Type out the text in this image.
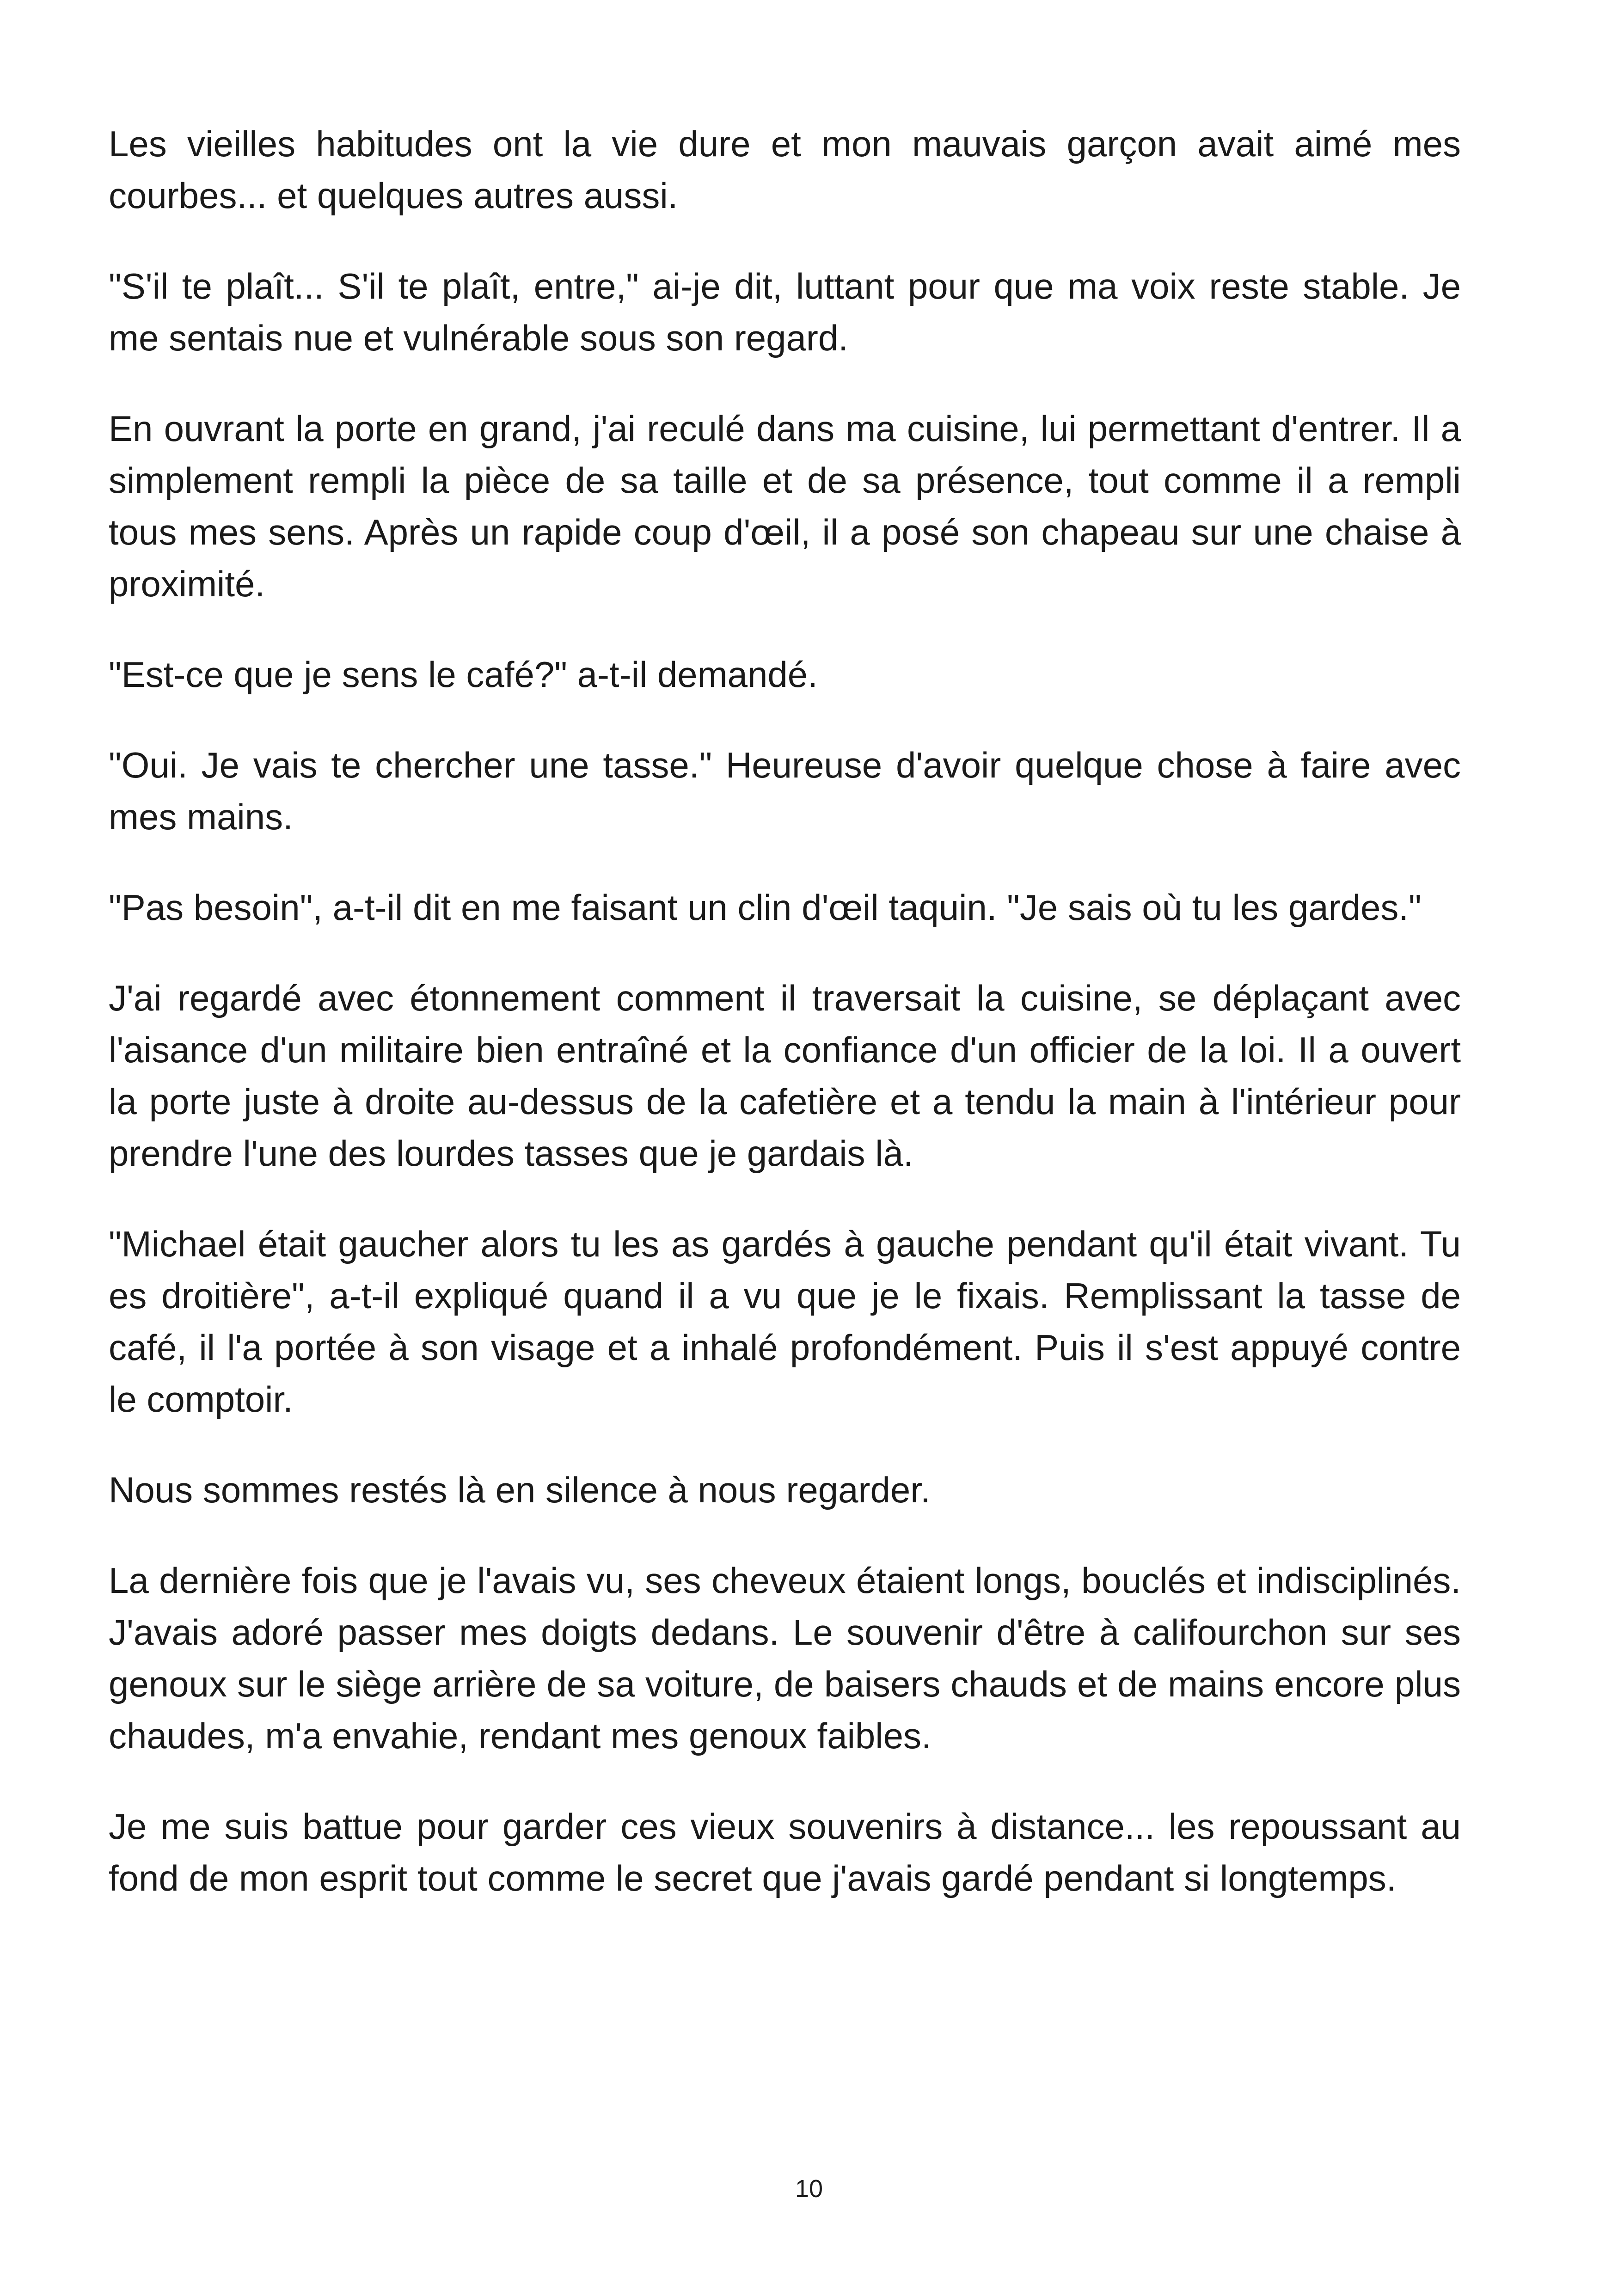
Les vieilles habitudes ont la vie dure et mon mauvais garçon avait aimé mes courbes... et quelques autres aussi.

"S'il te plaît... S'il te plaît, entre," ai-je dit, luttant pour que ma voix reste stable. Je me sentais nue et vulnérable sous son regard.

En ouvrant la porte en grand, j'ai reculé dans ma cuisine, lui permettant d'entrer. Il a simplement rempli la pièce de sa taille et de sa présence, tout comme il a rempli tous mes sens. Après un rapide coup d'œil, il a posé son chapeau sur une chaise à proximité.

"Est-ce que je sens le café?" a-t-il demandé.

"Oui. Je vais te chercher une tasse." Heureuse d'avoir quelque chose à faire avec mes mains.

"Pas besoin", a-t-il dit en me faisant un clin d'œil taquin. "Je sais où tu les gardes."

J'ai regardé avec étonnement comment il traversait la cuisine, se déplaçant avec l'aisance d'un militaire bien entraîné et la confiance d'un officier de la loi. Il a ouvert la porte juste à droite au-dessus de la cafetière et a tendu la main à l'intérieur pour prendre l'une des lourdes tasses que je gardais là.

"Michael était gaucher alors tu les as gardés à gauche pendant qu'il était vivant. Tu es droitière", a-t-il expliqué quand il a vu que je le fixais. Remplissant la tasse de café, il l'a portée à son visage et a inhalé profondément. Puis il s'est appuyé contre le comptoir.

Nous sommes restés là en silence à nous regarder.

La dernière fois que je l'avais vu, ses cheveux étaient longs, bouclés et indisciplinés. J'avais adoré passer mes doigts dedans. Le souvenir d'être à califourchon sur ses genoux sur le siège arrière de sa voiture, de baisers chauds et de mains encore plus chaudes, m'a envahie, rendant mes genoux faibles.

Je me suis battue pour garder ces vieux souvenirs à distance... les repoussant au fond de mon esprit tout comme le secret que j'avais gardé pendant si longtemps.

10
